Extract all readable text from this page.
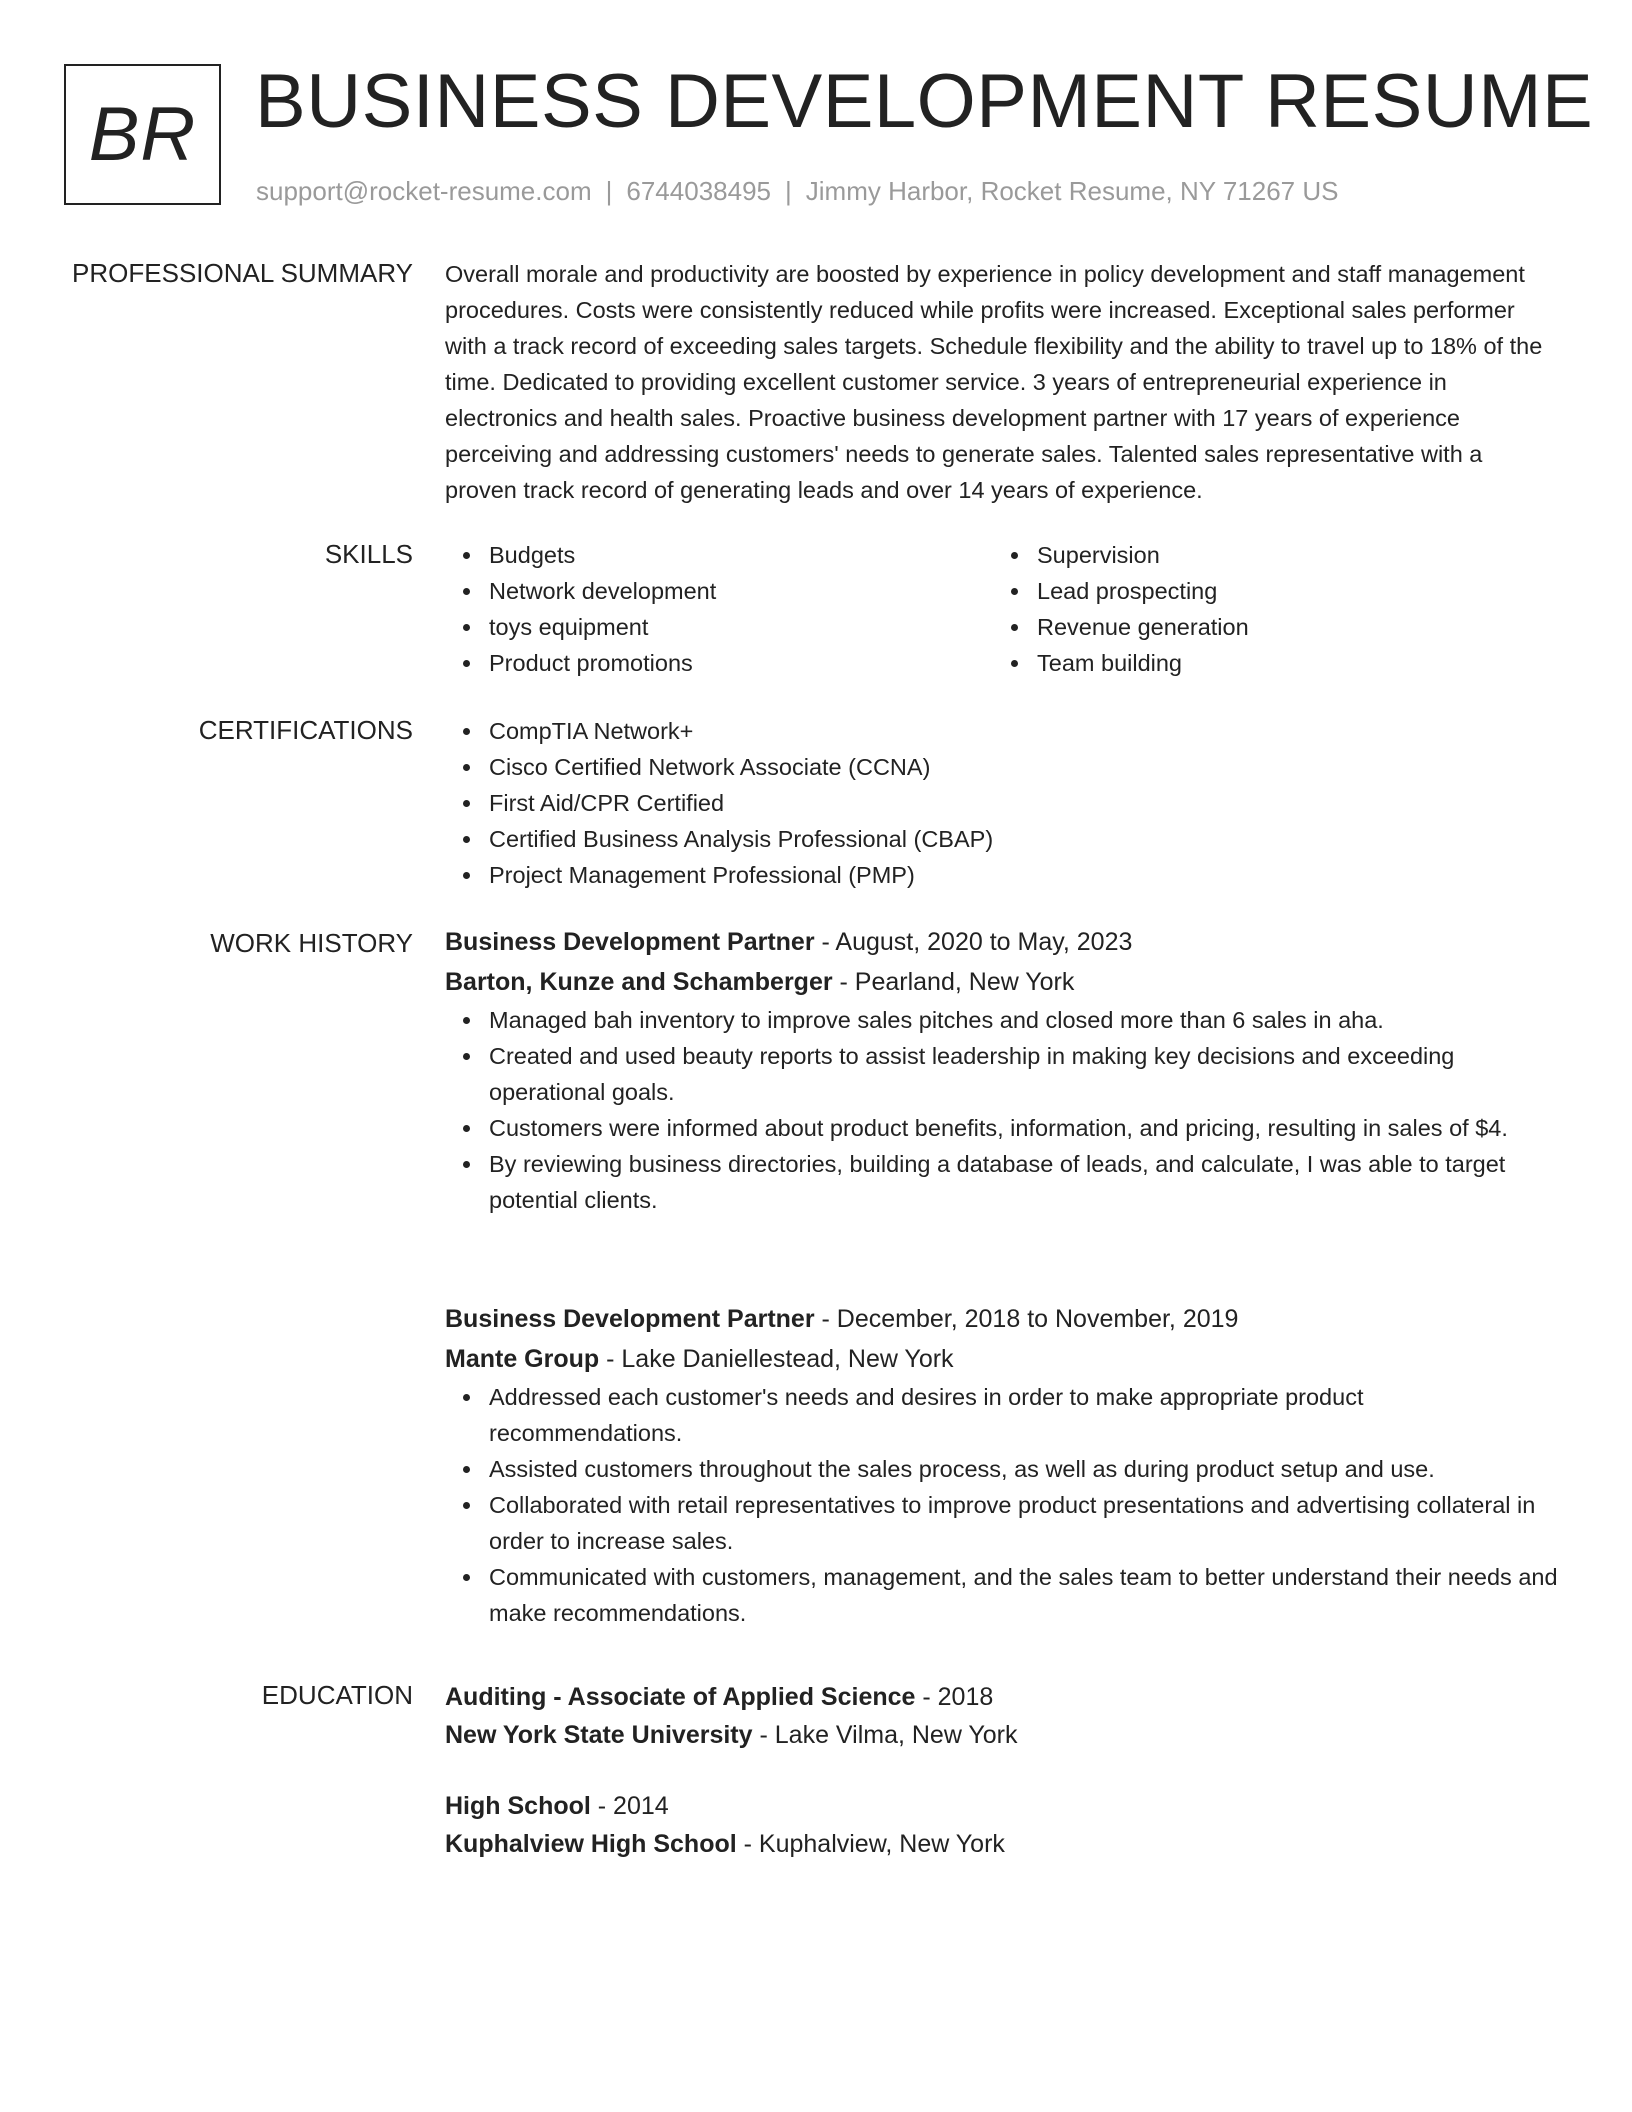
BR BUSINESS DEVELOPMENT RESUME
support@rocket-resume.com | 6744038495 | Jimmy Harbor, Rocket Resume, NY 71267 US
PROFESSIONAL SUMMARY Overall morale and productivity are boosted by experience in policy development and staff management procedures. Costs were consistently reduced while profits were increased. Exceptional sales performer with a track record of exceeding sales targets. Schedule flexibility and the ability to travel up to 18% of the time. Dedicated to providing excellent customer service. 3 years of entrepreneurial experience in electronics and health sales. Proactive business development partner with 17 years of experience perceiving and addressing customers' needs to generate sales. Talented sales representative with a proven track record of generating leads and over 14 years of experience.

SKILLS	Budgets
Network development
toys equipment
Product promotions
Supervision
Lead prospecting
Revenue generation
Team building
CERTIFICATIONS	CompTIA Network+
Cisco Certified Network Associate (CCNA)
First Aid/CPR Certified
Certified Business Analysis Professional (CBAP)
Project Management Professional (PMP)
WORK HISTORY Business Development Partner - August, 2020 to May, 2023
Barton, Kunze and Schamberger - Pearland, New York
Managed bah inventory to improve sales pitches and closed more than 6 sales in aha.
Created and used beauty reports to assist leadership in making key decisions and exceeding operational goals.
Customers were informed about product benefits, information, and pricing, resulting in sales of $4.
By reviewing business directories, building a database of leads, and calculate, I was able to target potential clients.
Business Development Partner - December, 2018 to November, 2019
Mante Group - Lake Daniellestead, New York
Addressed each customer's needs and desires in order to make appropriate product recommendations.
Assisted customers throughout the sales process, as well as during product setup and use.
Collaborated with retail representatives to improve product presentations and advertising collateral in order to increase sales.
Communicated with customers, management, and the sales team to better understand their needs and make recommendations.
EDUCATION Auditing - Associate of Applied Science - 2018
New York State University - Lake Vilma, New York
High School - 2014
Kuphalview High School - Kuphalview, New York
